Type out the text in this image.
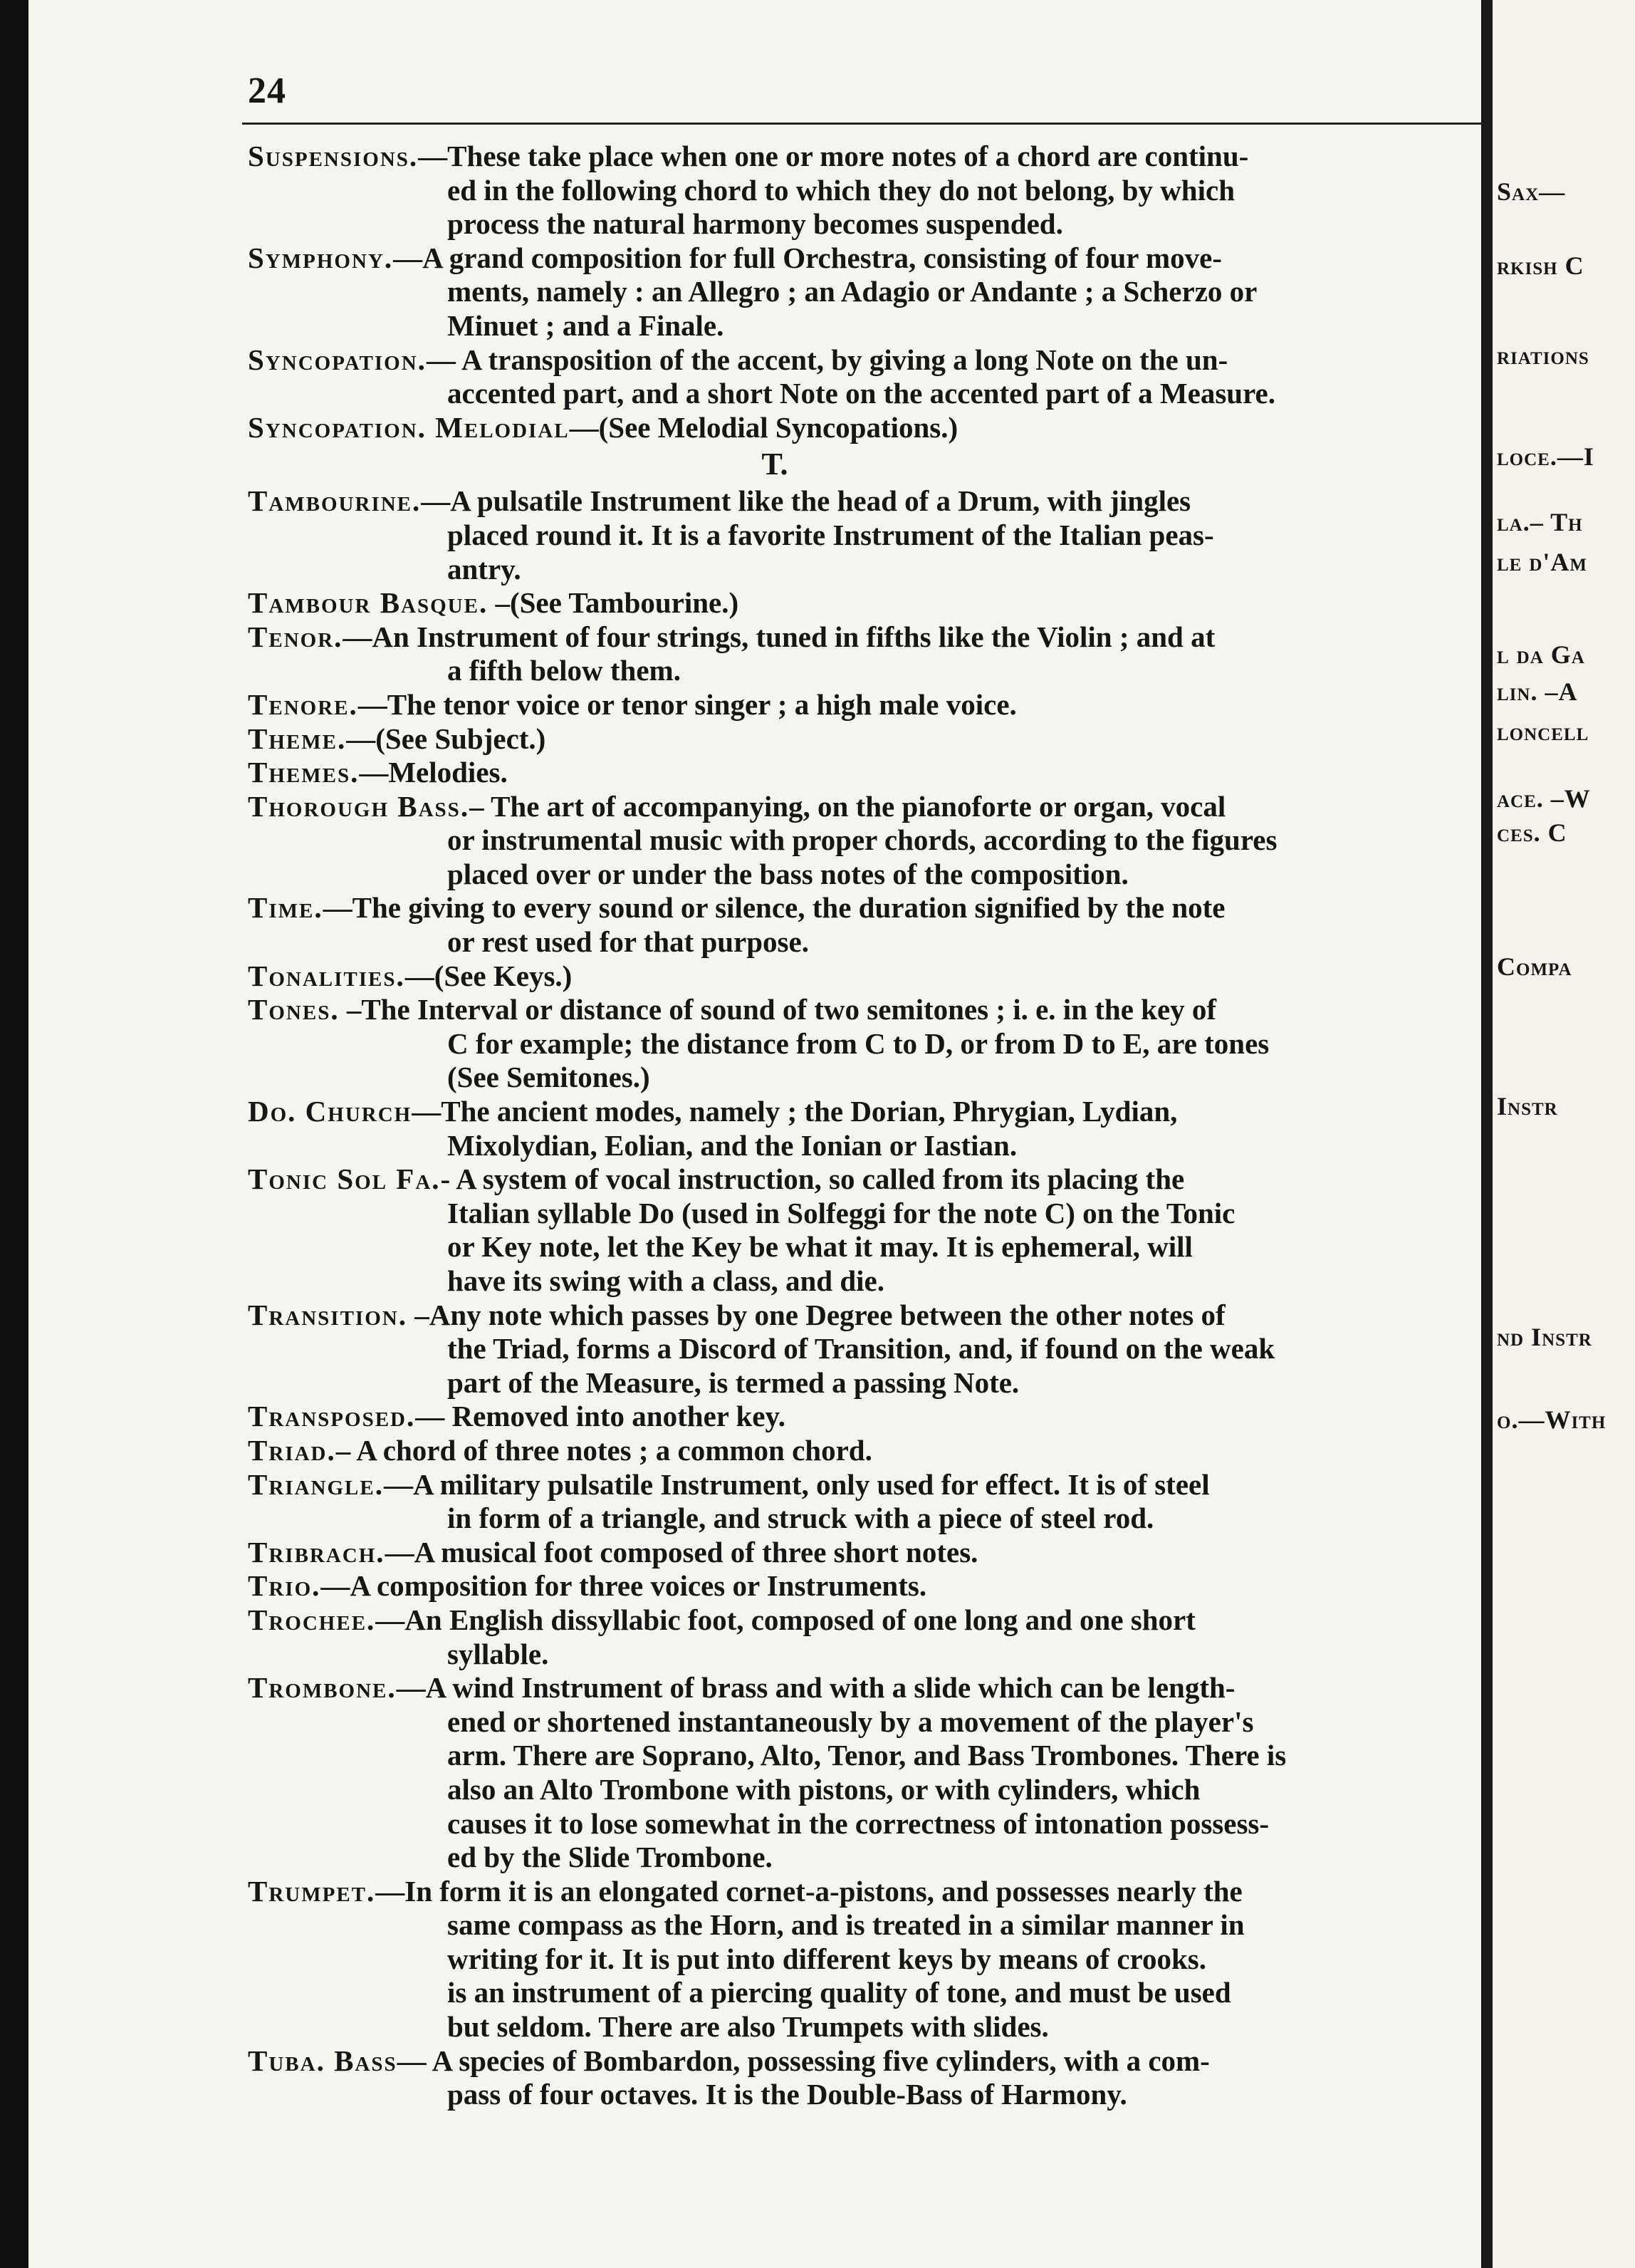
24

Suspensions.—These take place when one or more notes of a chord are continu-
ed in the following chord to which they do not belong, by which
process the natural harmony becomes suspended.

Symphony.—A grand composition for full Orchestra, consisting of four move-
ments, namely : an Allegro ; an Adagio or Andante ; a Scherzo or
Minuet ; and a Finale.

Syncopation.— A transposition of the accent, by giving a long Note on the un-
accented part, and a short Note on the accented part of a Measure.

Syncopation. Melodial—(See Melodial Syncopations.)

T.

Tambourine.—A pulsatile Instrument like the head of a Drum, with jingles
placed round it. It is a favorite Instrument of the Italian peas-
antry.

Tambour Basque. –(See Tambourine.)

Tenor.—An Instrument of four strings, tuned in fifths like the Violin ; and at
a fifth below them.

Tenore.—The tenor voice or tenor singer ; a high male voice.

Theme.—(See Subject.)

Themes.—Melodies.

Thorough Bass.– The art of accompanying, on the pianoforte or organ, vocal
or instrumental music with proper chords, according to the figures
placed over or under the bass notes of the composition.

Time.—The giving to every sound or silence, the duration signified by the note
or rest used for that purpose.

Tonalities.—(See Keys.)

Tones. –The Interval or distance of sound of two semitones ; i. e. in the key of
C for example; the distance from C to D, or from D to E, are tones
(See Semitones.)

Do. Church—The ancient modes, namely ; the Dorian, Phrygian, Lydian,
Mixolydian, Eolian, and the Ionian or Iastian.

Tonic Sol Fa.- A system of vocal instruction, so called from its placing the
Italian syllable Do (used in Solfeggi for the note C) on the Tonic
or Key note, let the Key be what it may. It is ephemeral, will
have its swing with a class, and die.

Transition. –Any note which passes by one Degree between the other notes of
the Triad, forms a Discord of Transition, and, if found on the weak
part of the Measure, is termed a passing Note.

Transposed.— Removed into another key.

Triad.– A chord of three notes ; a common chord.

Triangle.—A military pulsatile Instrument, only used for effect. It is of steel
in form of a triangle, and struck with a piece of steel rod.

Tribrach.—A musical foot composed of three short notes.

Trio.—A composition for three voices or Instruments.

Trochee.—An English dissyllabic foot, composed of one long and one short
syllable.

Trombone.—A wind Instrument of brass and with a slide which can be length-
ened or shortened instantaneously by a movement of the player's
arm. There are Soprano, Alto, Tenor, and Bass Trombones. There is
also an Alto Trombone with pistons, or with cylinders, which
causes it to lose somewhat in the correctness of intonation possess-
ed by the Slide Trombone.

Trumpet.—In form it is an elongated cornet-a-pistons, and possesses nearly the
same compass as the Horn, and is treated in a similar manner in
writing for it. It is put into different keys by means of crooks.
is an instrument of a piercing quality of tone, and must be used
but seldom. There are also Trumpets with slides.

Tuba. Bass— A species of Bombardon, possessing five cylinders, with a com-
pass of four octaves. It is the Double-Bass of Harmony.

Sax—
rkish C
riations
loce.—I
la.– Th
le d'Am
l da Ga
lin. –A
loncell
ace. –W
ces. C
Compa
Instr
nd Instr
o.—With
